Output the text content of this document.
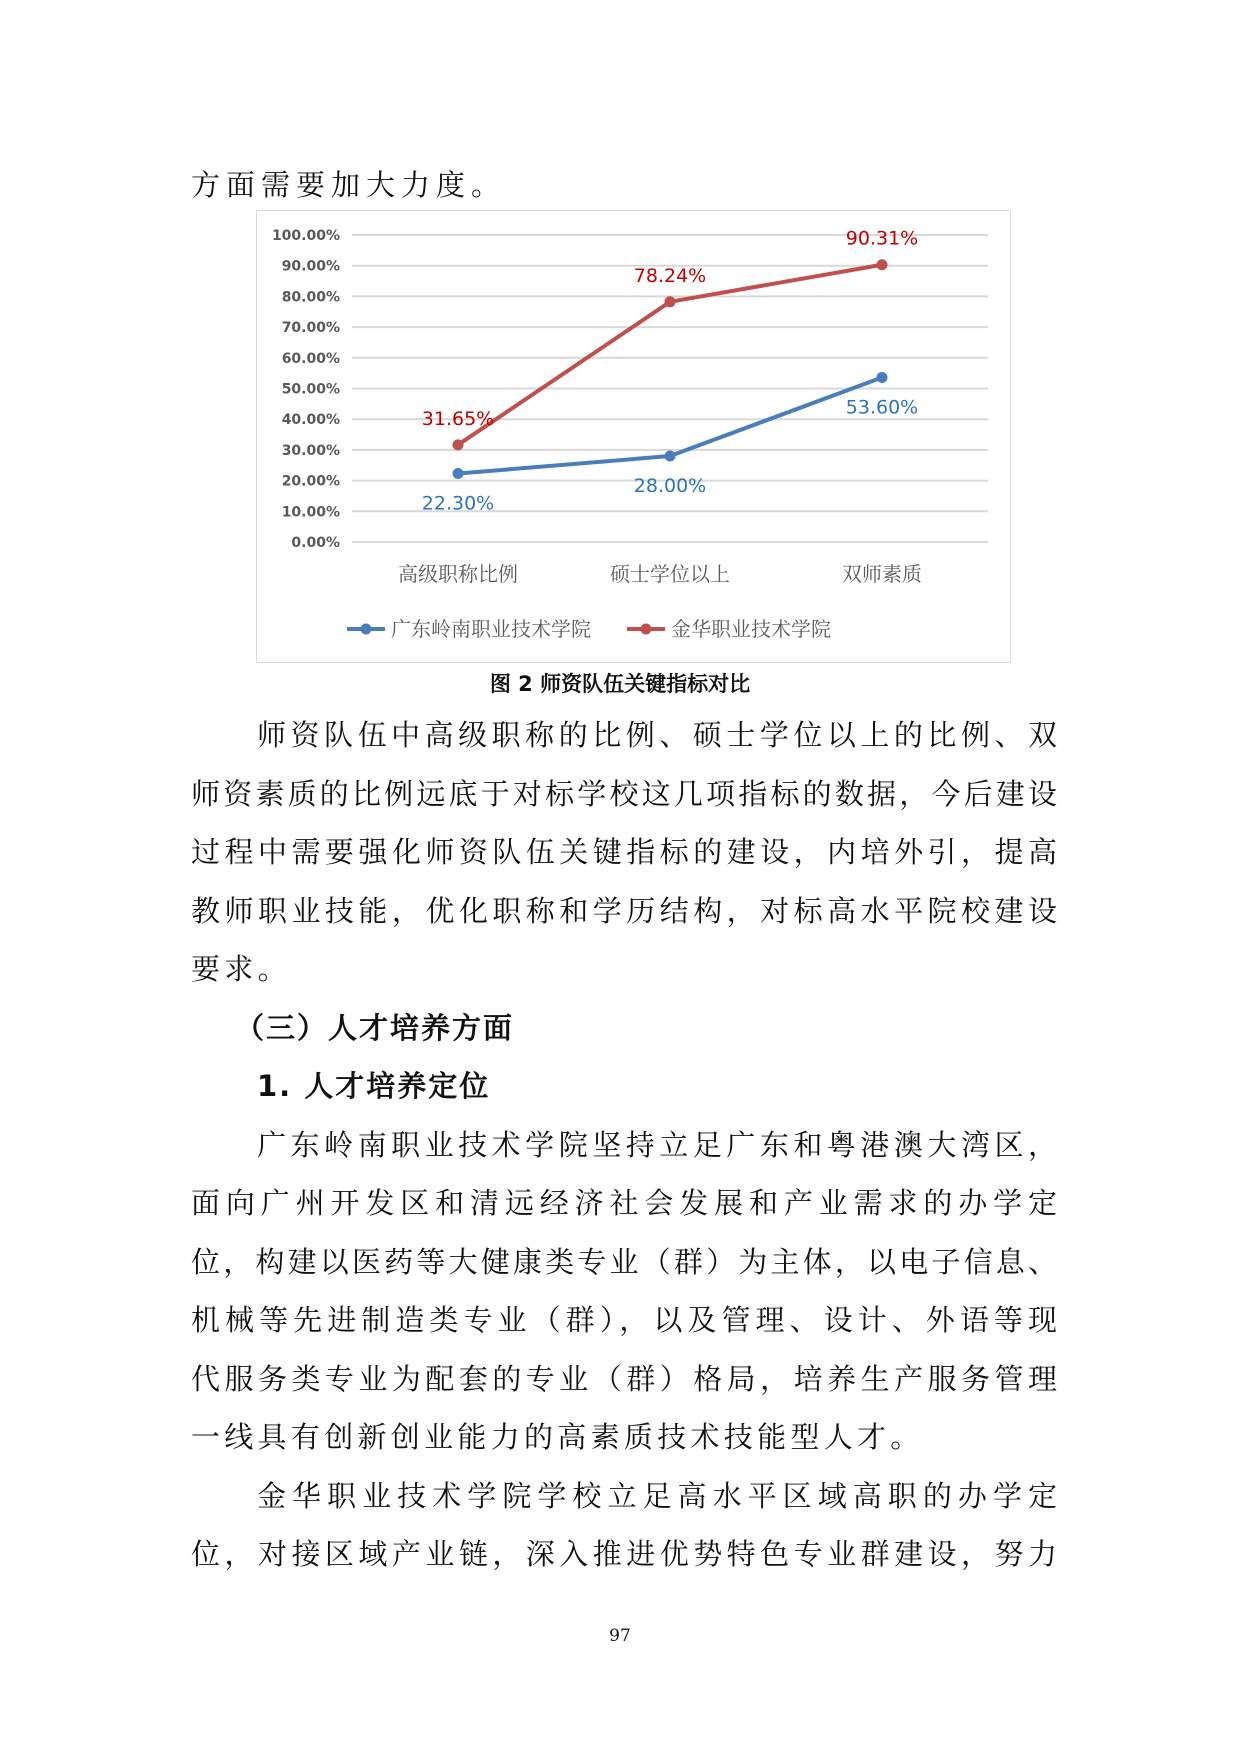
方面需要加大力度。
0.00%
10.00%
20.00%
30.00%
40.00%
50.00%
60.00%
70.00%
80.00%
90.00%
100.00%
高级职称比例	硕士学位以上	双师素质
22.30%
28.00%
53.60%
31.65%
78.24%
90.31%
广东岭南职业技术学院	金华职业技术学院
图 2 师资队伍关键指标对比
师资队伍中高级职称的比例、硕士学位以上的比例、双
师资素质的比例远底于对标学校这几项指标的数据，今后建设
过程中需要强化师资队伍关键指标的建设，内培外引，提高
教师职业技能，优化职称和学历结构，对标高水平院校建设
要求。
（三）人才培养方面
1. 人才培养定位
广东岭南职业技术学院坚持立足广东和粤港澳大湾区，
面向广州开发区和清远经济社会发展和产业需求的办学定
位，构建以医药等大健康类专业（群）为主体，以电子信息、
机械等先进制造类专业（群），以及管理、设计、外语等现
代服务类专业为配套的专业（群）格局，培养生产服务管理
一线具有创新创业能力的高素质技术技能型人才。
金华职业技术学院学校立足高水平区域高职的办学定
位，对接区域产业链，深入推进优势特色专业群建设，努力
97
